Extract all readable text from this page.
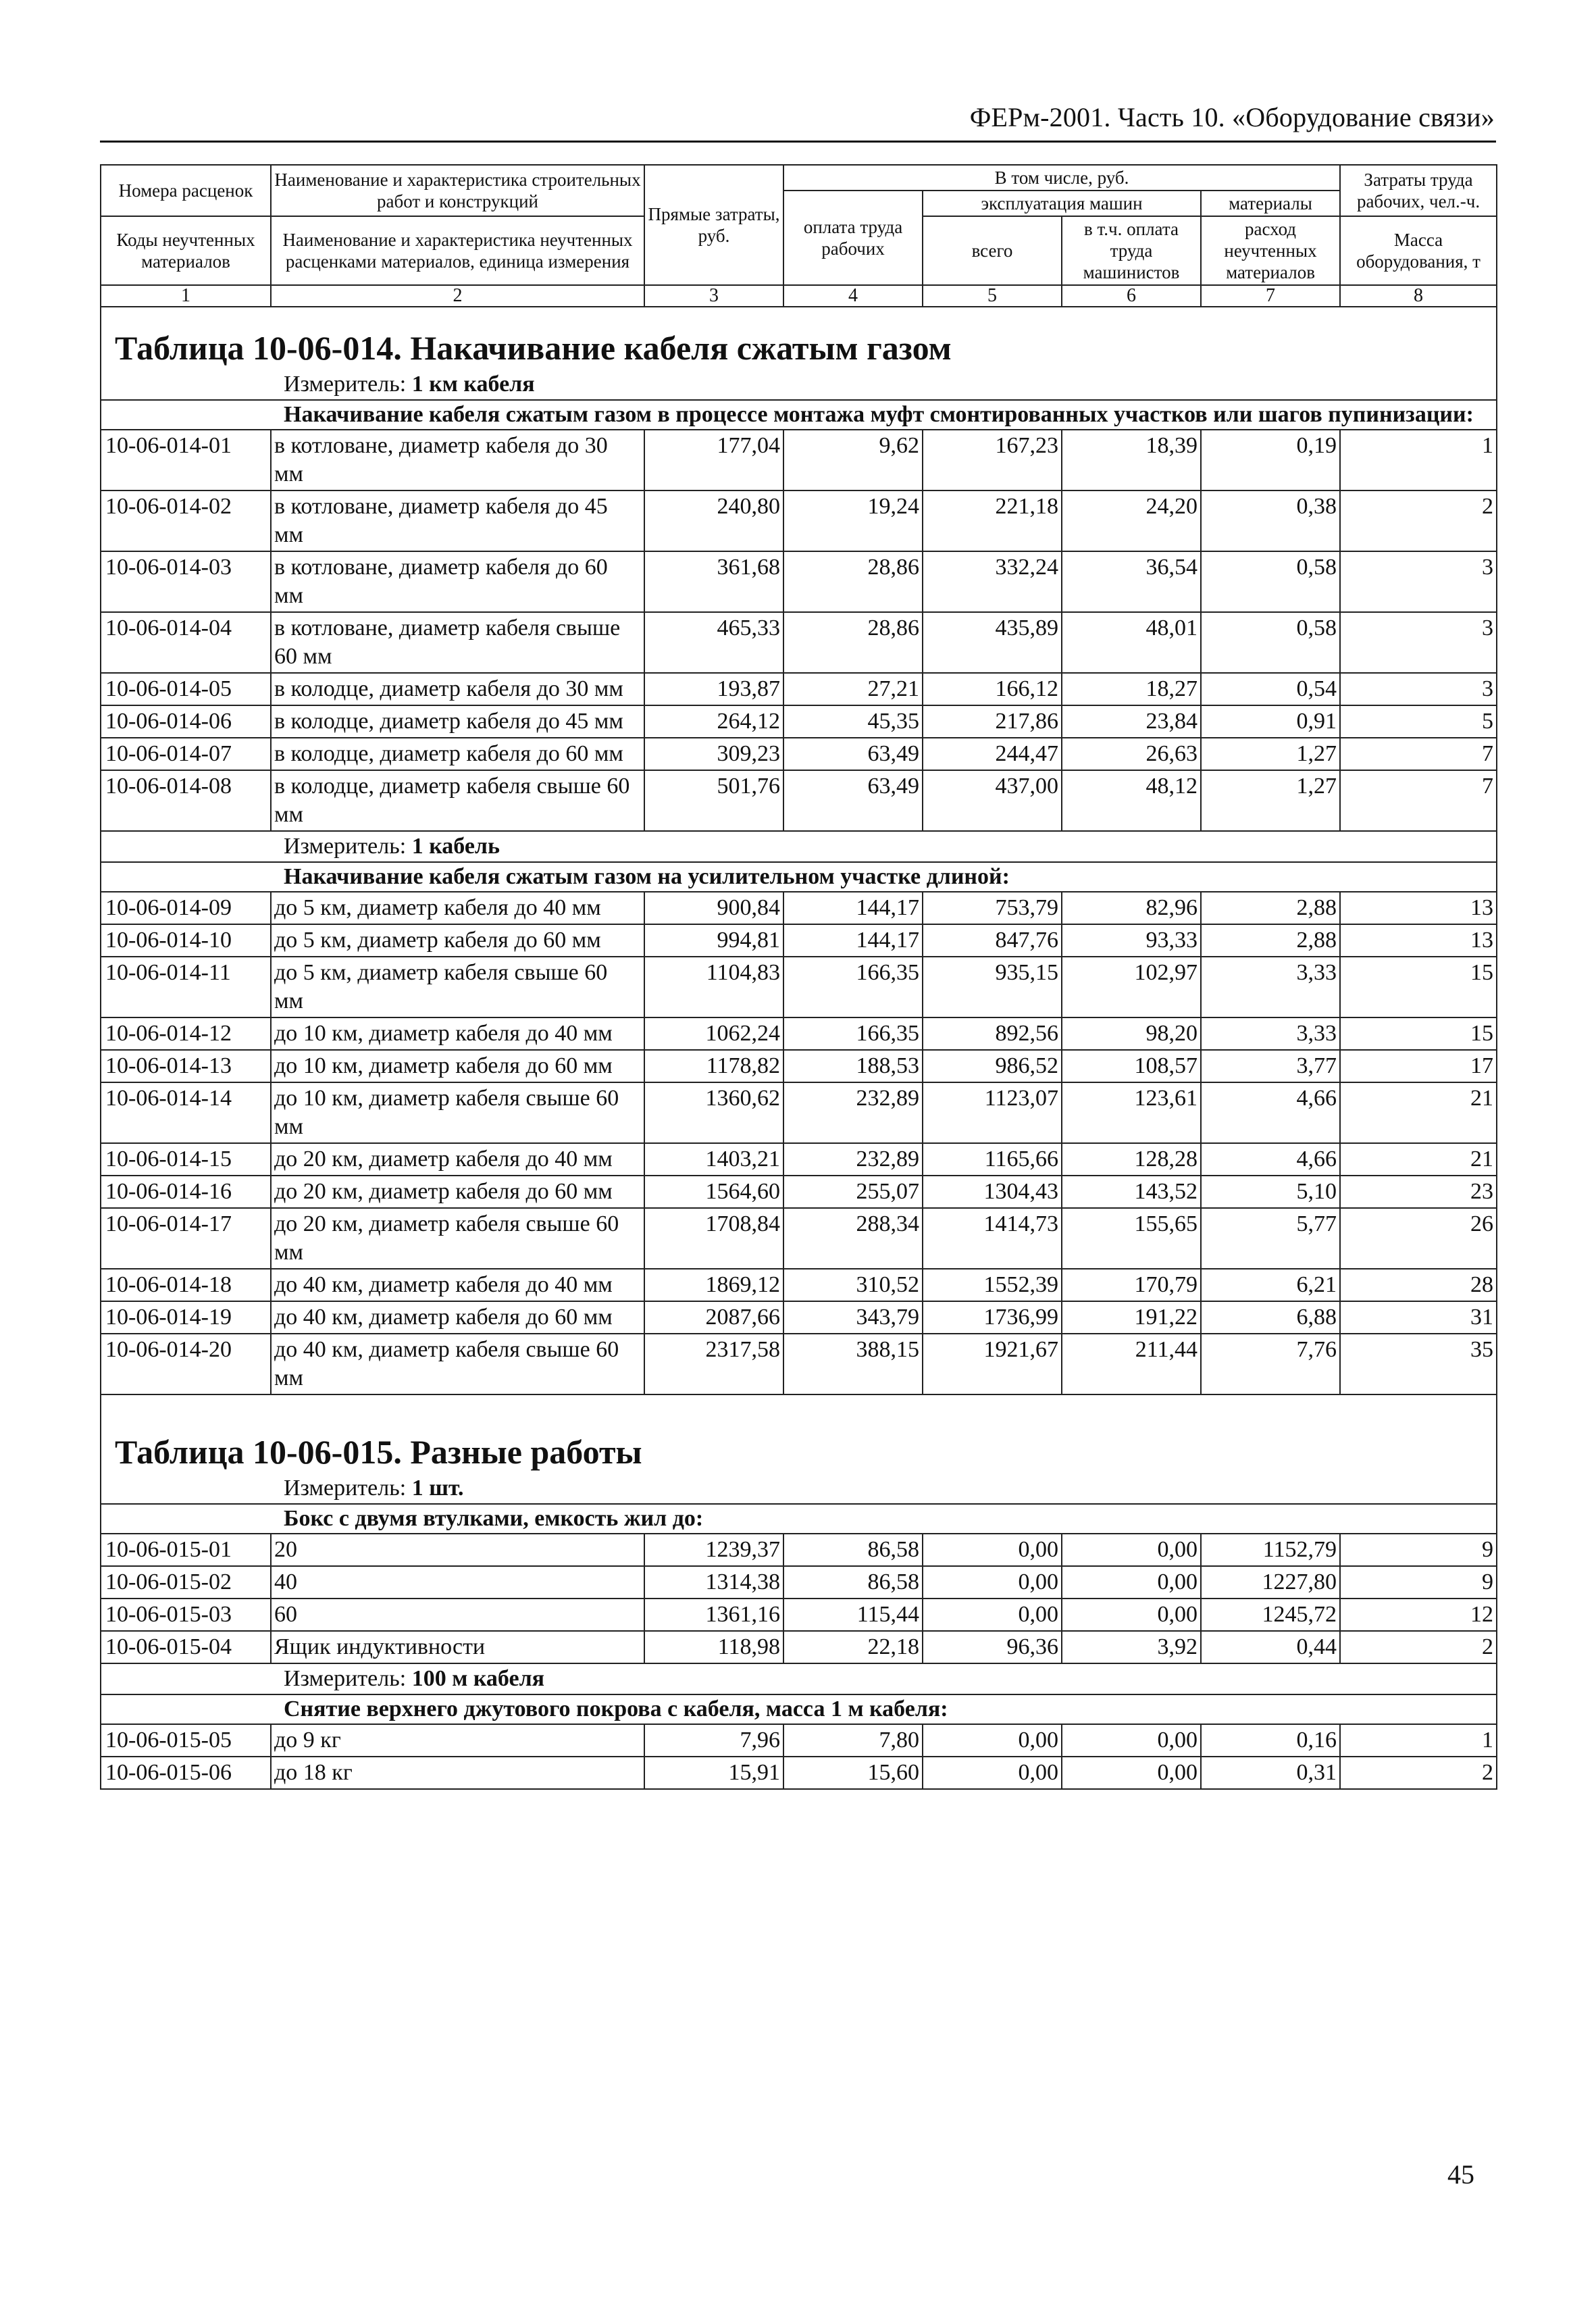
ФЕРм-2001. Часть 10. «Оборудование связи»
Номера расценок	Наименование и характеристика строительных работ и конструкций	Прямые затраты, руб.	В том числе, руб.				Затраты труда рабочих, чел.-ч.
			оплата труда рабочих	эксплуатация машин		материалы	
Коды неучтенных материалов	Наименование и характеристика неучтенных расценками материалов, единица измерения			всего	в т.ч. оплата труда машинистов	расход неучтенных материалов	
							Масса оборудования, т
1	2	3	4	5	6	7	8
Таблица 10-06-014. Накачивание кабеля сжатым газом							
Измеритель: 1 км кабеля							
Накачивание кабеля сжатым газом в процессе монтажа муфт смонтированных участков или шагов пупинизации:							
10-06-014-01	в котловане, диаметр кабеля до 30 мм	177,04	9,62	167,23	18,39	0,19	1
10-06-014-02	в котловане, диаметр кабеля до 45 мм	240,80	19,24	221,18	24,20	0,38	2
10-06-014-03	в котловане, диаметр кабеля до 60 мм	361,68	28,86	332,24	36,54	0,58	3
10-06-014-04	в котловане, диаметр кабеля свыше 60 мм	465,33	28,86	435,89	48,01	0,58	3
10-06-014-05	в колодце, диаметр кабеля до 30 мм	193,87	27,21	166,12	18,27	0,54	3
10-06-014-06	в колодце, диаметр кабеля до 45 мм	264,12	45,35	217,86	23,84	0,91	5
10-06-014-07	в колодце, диаметр кабеля до 60 мм	309,23	63,49	244,47	26,63	1,27	7
10-06-014-08	в колодце, диаметр кабеля свыше 60 мм	501,76	63,49	437,00	48,12	1,27	7
Измеритель: 1 кабель							
Накачивание кабеля сжатым газом на усилительном участке длиной:							
10-06-014-09	до 5 км, диаметр кабеля до 40 мм	900,84	144,17	753,79	82,96	2,88	13
10-06-014-10	до 5 км, диаметр кабеля до 60 мм	994,81	144,17	847,76	93,33	2,88	13
10-06-014-11	до 5 км, диаметр кабеля свыше 60 мм	1104,83	166,35	935,15	102,97	3,33	15
10-06-014-12	до 10 км, диаметр кабеля до 40 мм	1062,24	166,35	892,56	98,20	3,33	15
10-06-014-13	до 10 км, диаметр кабеля до 60 мм	1178,82	188,53	986,52	108,57	3,77	17
10-06-014-14	до 10 км, диаметр кабеля свыше 60 мм	1360,62	232,89	1123,07	123,61	4,66	21
10-06-014-15	до 20 км, диаметр кабеля до 40 мм	1403,21	232,89	1165,66	128,28	4,66	21
10-06-014-16	до 20 км, диаметр кабеля до 60 мм	1564,60	255,07	1304,43	143,52	5,10	23
10-06-014-17	до 20 км, диаметр кабеля свыше 60 мм	1708,84	288,34	1414,73	155,65	5,77	26
10-06-014-18	до 40 км, диаметр кабеля до 40 мм	1869,12	310,52	1552,39	170,79	6,21	28
10-06-014-19	до 40 км, диаметр кабеля до 60 мм	2087,66	343,79	1736,99	191,22	6,88	31
10-06-014-20	до 40 км, диаметр кабеля свыше 60 мм	2317,58	388,15	1921,67	211,44	7,76	35

Таблица 10-06-015. Разные работы							
Измеритель: 1 шт.							
Бокс с двумя втулками, емкость жил до:							
10-06-015-01	20	1239,37	86,58	0,00	0,00	1152,79	9
10-06-015-02	40	1314,38	86,58	0,00	0,00	1227,80	9
10-06-015-03	60	1361,16	115,44	0,00	0,00	1245,72	12
10-06-015-04	Ящик индуктивности	118,98	22,18	96,36	3,92	0,44	2
Измеритель: 100 м кабеля							
Снятие верхнего джутового покрова с кабеля, масса 1 м кабеля:							
10-06-015-05	до 9 кг	7,96	7,80	0,00	0,00	0,16	1
10-06-015-06	до 18 кг	15,91	15,60	0,00	0,00	0,31	2
45
